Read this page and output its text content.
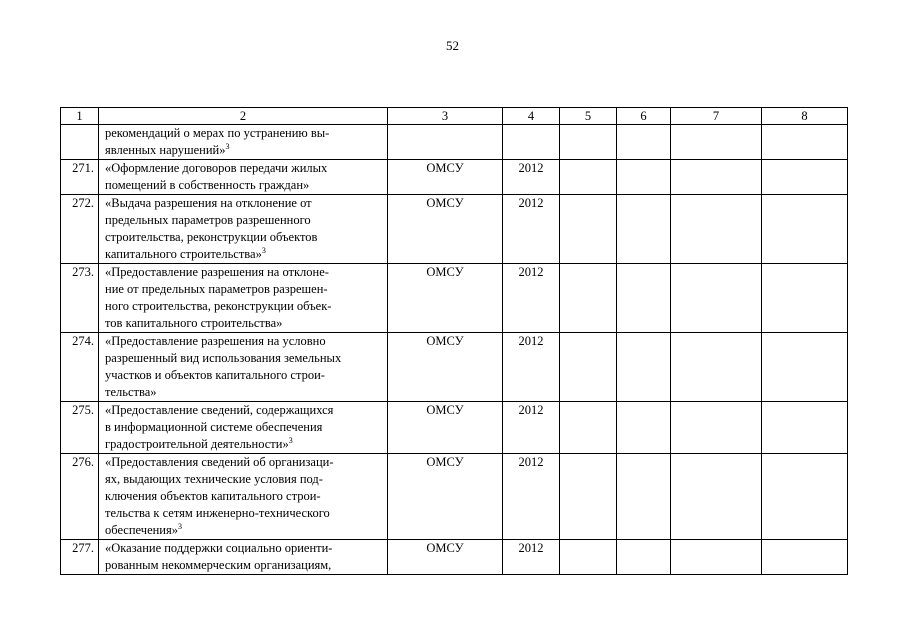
52
1	2	3	4	5	6	7	8

	рекомендаций о мерах по устранению вы-
явленных нарушений»$^3$

271.	«Оформление договоров передачи жилых
помещений в собственность граждан»	ОМСУ	2012				
272.	«Выдача разрешения на отклонение от
предельных параметров разрешенного
строительства, реконструкции объектов
капитального строительства»$^3$	ОМСУ	2012				
273.	«Предоставление разрешения на отклоне-
ние от предельных параметров разрешен-
ного строительства, реконструкции объек-
тов капитального строительства»	ОМСУ	2012				
274.	«Предоставление разрешения на условно
разрешенный вид использования земельных
участков и объектов капитального строи-
тельства»	ОМСУ	2012				
275.	«Предоставление сведений, содержащихся
в информационной системе обеспечения
градостроительной деятельности»$^3$	ОМСУ	2012				
276.	«Предоставления сведений об организаци-
ях, выдающих технические условия под-
ключения объектов капитального строи-
тельства к сетям инженерно-технического
обеспечения»$^3$	ОМСУ	2012				
277.	«Оказание поддержки социально ориенти-
рованным некоммерческим организациям,	ОМСУ	2012				
